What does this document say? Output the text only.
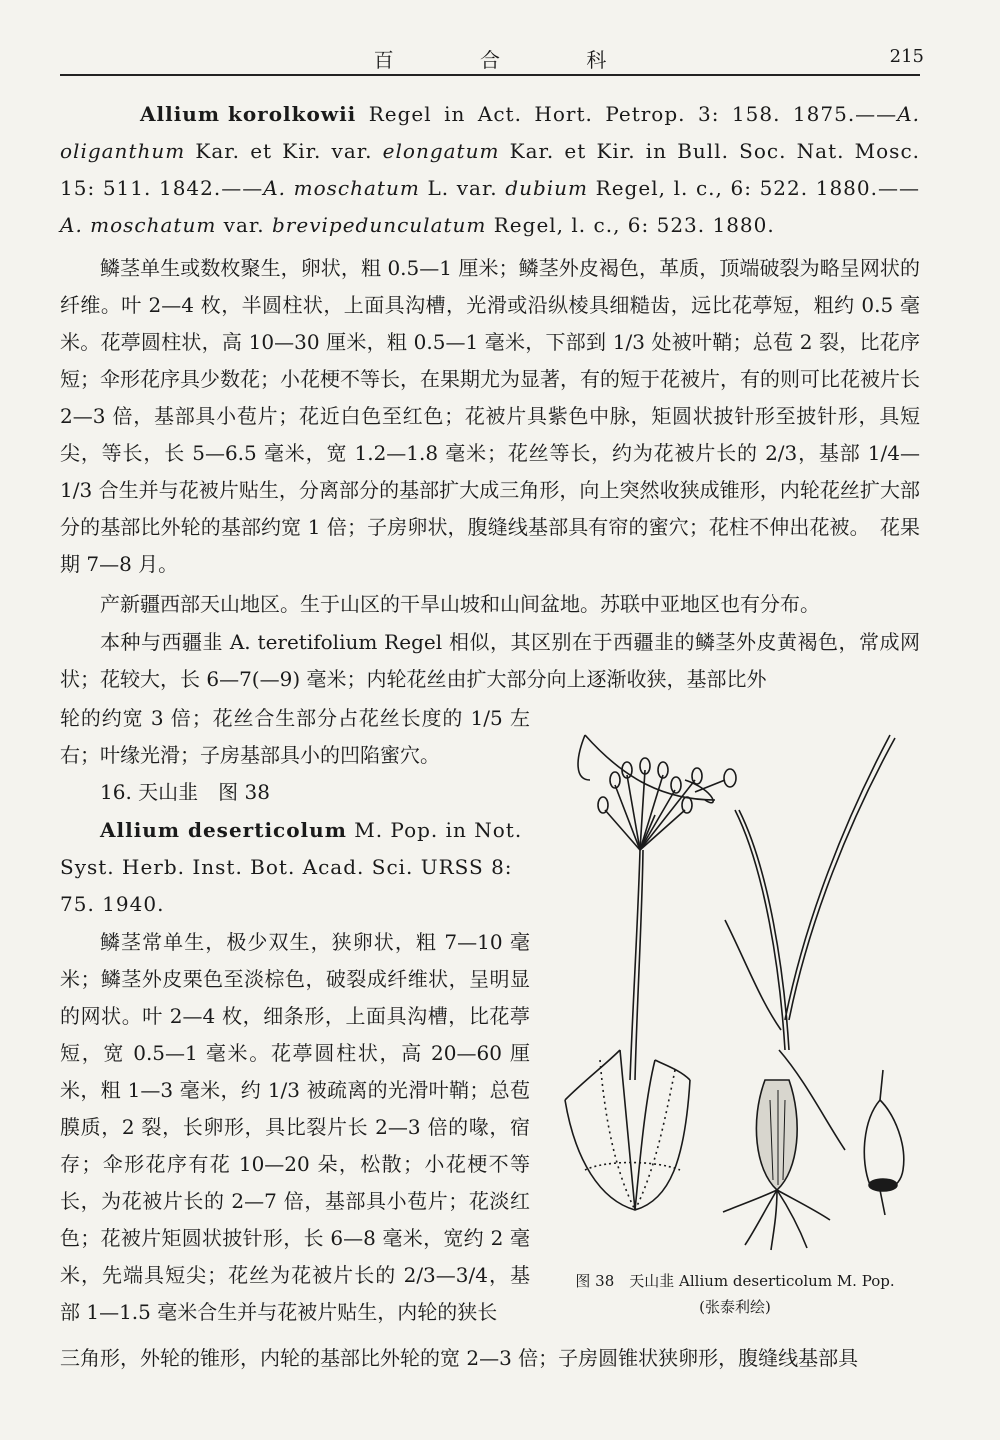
百 合 科	215
Allium korolkowii Regel in Act. Hort. Petrop. 3: 158. 1875.——A. oliganthum Kar. et Kir. var. elongatum Kar. et Kir. in Bull. Soc. Nat. Mosc. 15: 511. 1842.——A. moschatum L. var. dubium Regel, l. c., 6: 522. 1880.——A. moschatum var. brevipedunculatum Regel, l. c., 6: 523. 1880.
鳞茎单生或数枚聚生，卵状，粗 0.5—1 厘米；鳞茎外皮褐色，革质，顶端破裂为略呈网状的纤维。叶 2—4 枚，半圆柱状，上面具沟槽，光滑或沿纵棱具细糙齿，远比花葶短，粗约 0.5 毫米。花葶圆柱状，高 10—30 厘米，粗 0.5—1 毫米，下部到 1/3 处被叶鞘；总苞 2 裂，比花序短；伞形花序具少数花；小花梗不等长，在果期尤为显著，有的短于花被片，有的则可比花被片长 2—3 倍，基部具小苞片；花近白色至红色；花被片具紫色中脉，矩圆状披针形至披针形，具短尖，等长，长 5—6.5 毫米，宽 1.2—1.8 毫米；花丝等长，约为花被片长的 2/3，基部 1/4—1/3 合生并与花被片贴生，分离部分的基部扩大成三角形，向上突然收狭成锥形，内轮花丝扩大部分的基部比外轮的基部约宽 1 倍；子房卵状，腹缝线基部具有帘的蜜穴；花柱不伸出花被。　花果期 7—8 月。
产新疆西部天山地区。生于山区的干旱山坡和山间盆地。苏联中亚地区也有分布。
本种与西疆韭 A. teretifolium Regel 相似，其区别在于西疆韭的鳞茎外皮黄褐色，常成网状；花较大，长 6—7(—9) 毫米；内轮花丝由扩大部分向上逐渐收狭，基部比外
轮的约宽 3 倍；花丝合生部分占花丝长度的 1/5 左右；叶缘光滑；子房基部具小的凹陷蜜穴。
16. 天山韭　图 38
Allium deserticolum M. Pop. in Not. Syst. Herb. Inst. Bot. Acad. Sci. URSS 8: 75. 1940.
鳞茎常单生，极少双生，狭卵状，粗 7—10 毫米；鳞茎外皮栗色至淡棕色，破裂成纤维状，呈明显的网状。叶 2—4 枚，细条形，上面具沟槽，比花葶短，宽 0.5—1 毫米。花葶圆柱状，高 20—60 厘米，粗 1—3 毫米，约 1/3 被疏离的光滑叶鞘；总苞膜质，2 裂，长卵形，具比裂片长 2—3 倍的喙，宿存；伞形花序有花 10—20 朵，松散；小花梗不等长，为花被片长的 2—7 倍，基部具小苞片；花淡红色；花被片矩圆状披针形，长 6—8 毫米，宽约 2 毫米，先端具短尖；花丝为花被片长的 2/3—3/4，基部 1—1.5 毫米合生并与花被片贴生，内轮的狭长
三角形，外轮的锥形，内轮的基部比外轮的宽 2—3 倍；子房圆锥状狭卵形，腹缝线基部具
图 38　天山韭 Allium deserticolum M. Pop.
(张泰利绘)
